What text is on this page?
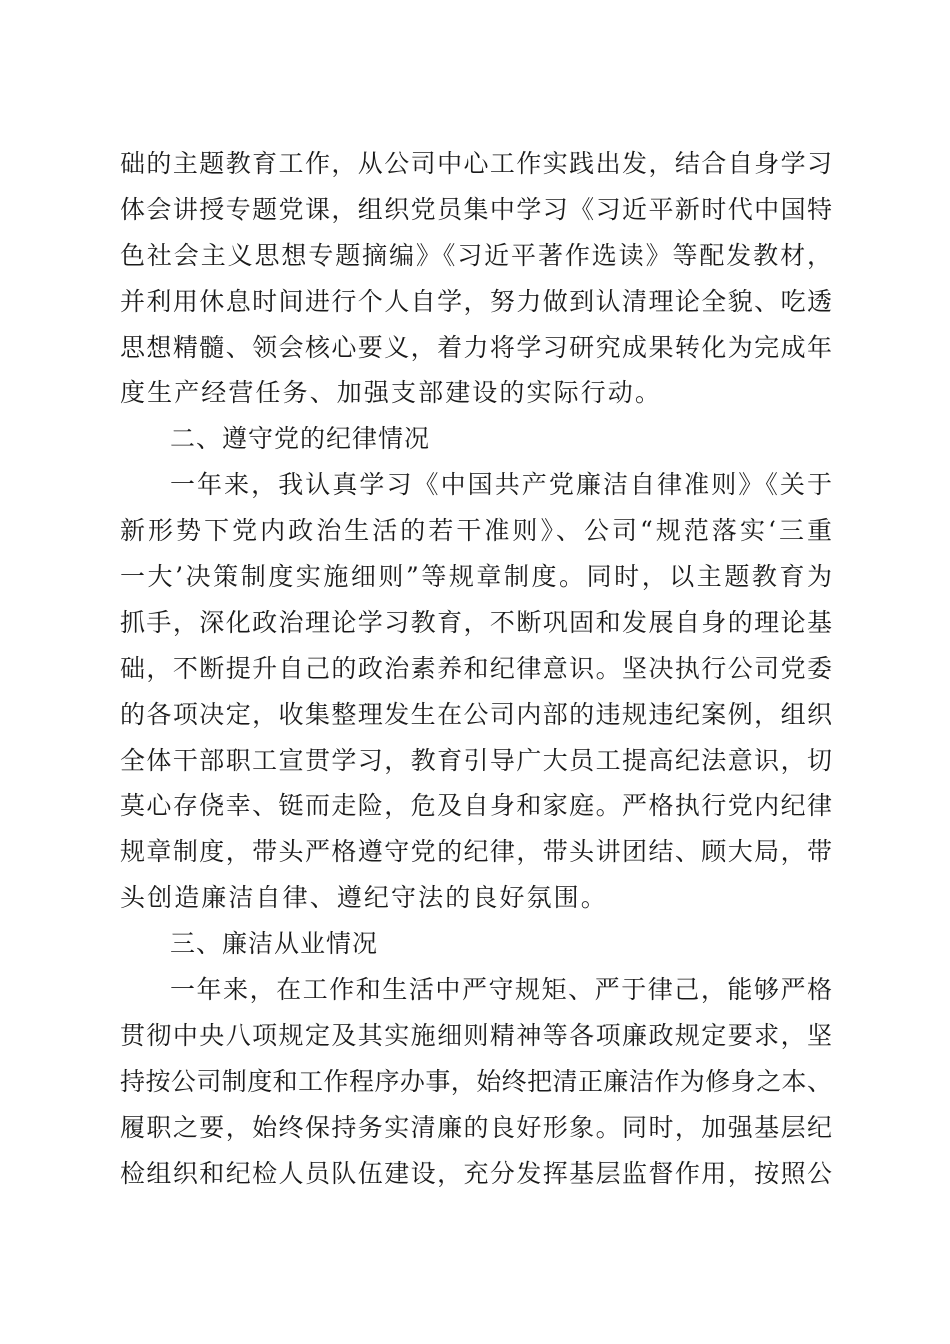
础的主题教育工作，从公司中心工作实践出发，结合自身学习
体会讲授专题党课，组织党员集中学习《习近平新时代中国特
色社会主义思想专题摘编》《习近平著作选读》等配发教材，
并利用休息时间进行个人自学，努力做到认清理论全貌、吃透
思想精髓、领会核心要义，着力将学习研究成果转化为完成年
度生产经营任务、加强支部建设的实际行动。
二、遵守党的纪律情况
一年来，我认真学习《中国共产党廉洁自律准则》《关于
新形势下党内政治生活的若干准则》、公司“规范落实‘三重
一大’决策制度实施细则”等规章制度。同时，以主题教育为
抓手，深化政治理论学习教育，不断巩固和发展自身的理论基
础，不断提升自己的政治素养和纪律意识。坚决执行公司党委
的各项决定，收集整理发生在公司内部的违规违纪案例，组织
全体干部职工宣贯学习，教育引导广大员工提高纪法意识，切
莫心存侥幸、铤而走险，危及自身和家庭。严格执行党内纪律
规章制度，带头严格遵守党的纪律，带头讲团结、顾大局，带
头创造廉洁自律、遵纪守法的良好氛围。
三、廉洁从业情况
一年来，在工作和生活中严守规矩、严于律己，能够严格
贯彻中央八项规定及其实施细则精神等各项廉政规定要求，坚
持按公司制度和工作程序办事，始终把清正廉洁作为修身之本、
履职之要，始终保持务实清廉的良好形象。同时，加强基层纪
检组织和纪检人员队伍建设，充分发挥基层监督作用，按照公
